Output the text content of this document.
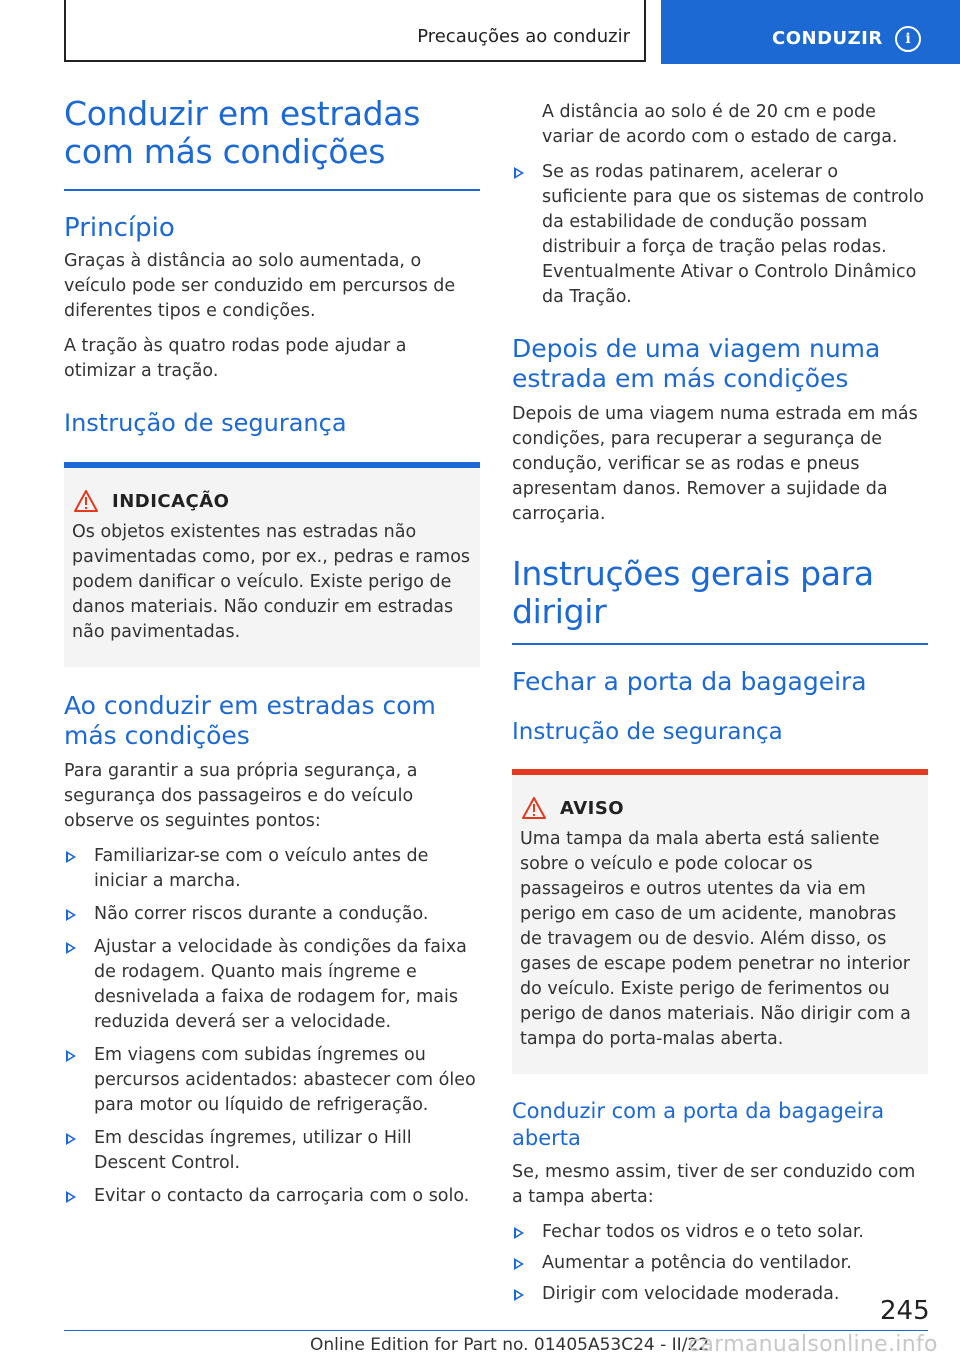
Precauções ao conduzir	CONDUZIR	i
Conduzir em estradas com más condições
Princípio

Graças à distância ao solo aumentada, o veículo pode ser conduzido em percursos de diferentes tipos e condições.

A tração às quatro rodas pode ajudar a otimizar a tração.

Instrução de segurança
INDICAÇÃO

Os objetos existentes nas estradas não pavimentadas como, por ex., pedras e ramos podem danificar o veículo. Existe perigo de danos materiais. Não conduzir em estradas não pavimentadas.

Ao conduzir em estradas com más condições

Para garantir a sua própria segurança, a segurança dos passageiros e do veículo observe os seguintes pontos:

Familiarizar-se com o veículo antes de iniciar a marcha.
Não correr riscos durante a condução.
Ajustar a velocidade às condições da faixa de rodagem. Quanto mais íngreme e desnivelada a faixa de rodagem for, mais reduzida deverá ser a velocidade.
Em viagens com subidas íngremes ou percursos acidentados: abastecer com óleo para motor ou líquido de refrigeração.
Em descidas íngremes, utilizar o Hill Descent Control.
Evitar o contacto da carroçaria com o solo.

A distância ao solo é de 20 cm e pode variar de acordo com o estado de carga.

Se as rodas patinarem, acelerar o suficiente para que os sistemas de controlo da estabilidade de condução possam distribuir a força de tração pelas rodas. Eventualmente Ativar o Controlo Dinâmico da Tração.
Depois de uma viagem numa estrada em más condições

Depois de uma viagem numa estrada em más condições, para recuperar a segurança de condução, verificar se as rodas e pneus apresentam danos. Remover a sujidade da carroçaria.

Instruções gerais para dirigir
Fechar a porta da bagageira
Instrução de segurança
AVISO

Uma tampa da mala aberta está saliente sobre o veículo e pode colocar os passageiros e outros utentes da via em perigo em caso de um acidente, manobras de travagem ou de desvio. Além disso, os gases de escape podem penetrar no interior do veículo. Existe perigo de ferimentos ou perigo de danos materiais. Não dirigir com a tampa do porta-malas aberta.

Conduzir com a porta da bagageira aberta

Se, mesmo assim, tiver de ser conduzido com a tampa aberta:

Fechar todos os vidros e o teto solar.
Aumentar a potência do ventilador.
Dirigir com velocidade moderada.
245
Online Edition for Part no. 01405A53C24 - II/22
carmanualsonline.info
